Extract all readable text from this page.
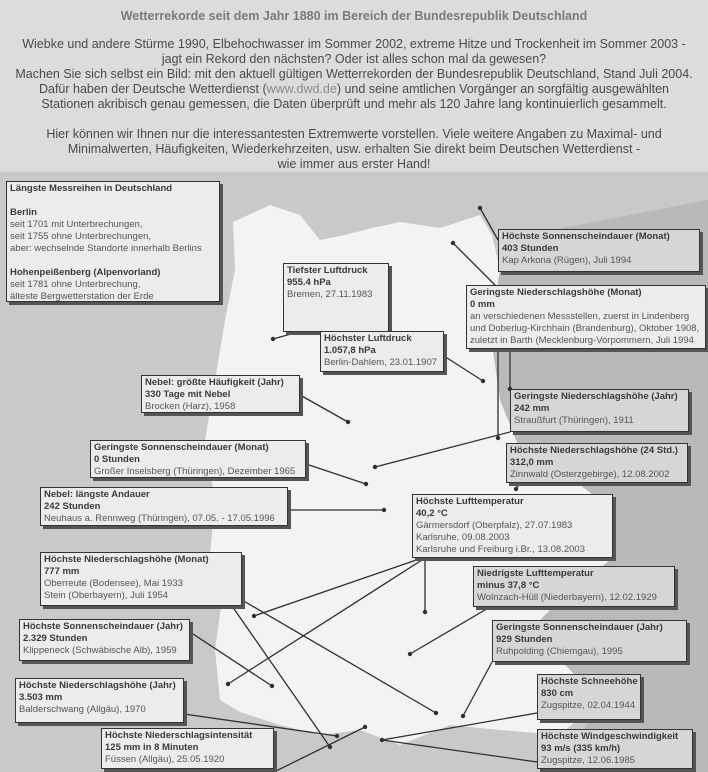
Wetterrekorde seit dem Jahr 1880 im Bereich der Bundesrepublik Deutschland
Wiebke und andere Stürme 1990, Elbehochwasser im Sommer 2002, extreme Hitze und Trockenheit im Sommer 2003 -
jagt ein Rekord den nächsten? Oder ist alles schon mal da gewesen?
Machen Sie sich selbst ein Bild: mit den aktuell gültigen Wetterrekorden der Bundesrepublik Deutschland, Stand Juli 2004.
Dafür haben der Deutsche Wetterdienst (www.dwd.de) und seine amtlichen Vorgänger an sorgfältig ausgewählten
Stationen akribisch genau gemessen, die Daten überprüft und mehr als 120 Jahre lang kontinuierlich gesammelt.
Hier können wir Ihnen nur die interessantesten Extremwerte vorstellen. Viele weitere Angaben zu Maximal- und
Minimalwerten, Häufigkeiten, Wiederkehrzeiten, usw. erhalten Sie direkt beim Deutschen Wetterdienst -
wie immer aus erster Hand!
Längste Messreihen in Deutschland
Berlin
seit 1701 mit Unterbrechungen,
seit 1755 ohne Unterbrechungen,
aber: wechselnde Standorte innerhalb Berlins
Hohenpeißenberg (Alpenvorland)
seit 1781 ohne Unterbrechung,
älteste Bergwetterstation der Erde
Tiefster Luftdruck
955.4 hPa
Bremen, 27.11.1983
Höchste Sonnenscheindauer (Monat)
403 Stunden
Kap Arkona (Rügen), Juli 1994
Geringste Niederschlagshöhe (Monat)
0 mm
an verschiedenen Messstellen, zuerst in Lindenberg
und Doberlug-Kirchhain (Brandenburg), Oktober 1908,
zuletzt in Barth (Mecklenburg-Vorpommern, Juli 1994
Höchster Luftdruck
1.057,8 hPa
Berlin-Dahlem, 23.01.1907
Nebel: größte Häufigkeit (Jahr)
330 Tage mit Nebel
Brocken (Harz), 1958
Geringste Niederschlagshöhe (Jahr)
242 mm
Straußfurt (Thüringen), 1911
Geringste Sonnenscheindauer (Monat)
0 Stunden
Großer Inselsberg (Thüringen), Dezember 1965
Höchste Niederschlagshöhe (24 Std.)
312,0 mm
Zinnwald (Osterzgebirge), 12.08.2002
Nebel: längste Andauer
242 Stunden
Neuhaus a. Rennweg (Thüringen), 07.05. - 17.05.1996
Höchste Lufttemperatur
40,2 °C
Gärmersdorf (Oberpfalz), 27.07.1983
Karlsruhe, 09.08.2003
Karlsruhe und Freiburg i.Br., 13.08.2003
Höchste Niederschlagshöhe (Monat)
777 mm
Oberreute (Bodensee), Mai 1933
Stein (Oberbayern), Juli 1954
Niedrigste Lufttemperatur
minus 37,8 °C
Wolnzach-Hüll (Niederbayern), 12.02.1929
Höchste Sonnenscheindauer (Jahr)
2.329 Stunden
Klippeneck (Schwäbische Alb), 1959
Geringste Sonnenscheindauer (Jahr)
929 Stunden
Ruhpolding (Chiemgau), 1995
Höchste Niederschlagshöhe (Jahr)
3.503 mm
Balderschwang (Allgäu), 1970
Höchste Schneehöhe
830 cm
Zugspitze, 02.04.1944
Höchste Niederschlagsintensität
125 mm in 8 Minuten
Füssen (Allgäu), 25.05.1920
Höchste Windgeschwindigkeit
93 m/s (335 km/h)
Zugspitze, 12.06.1985
